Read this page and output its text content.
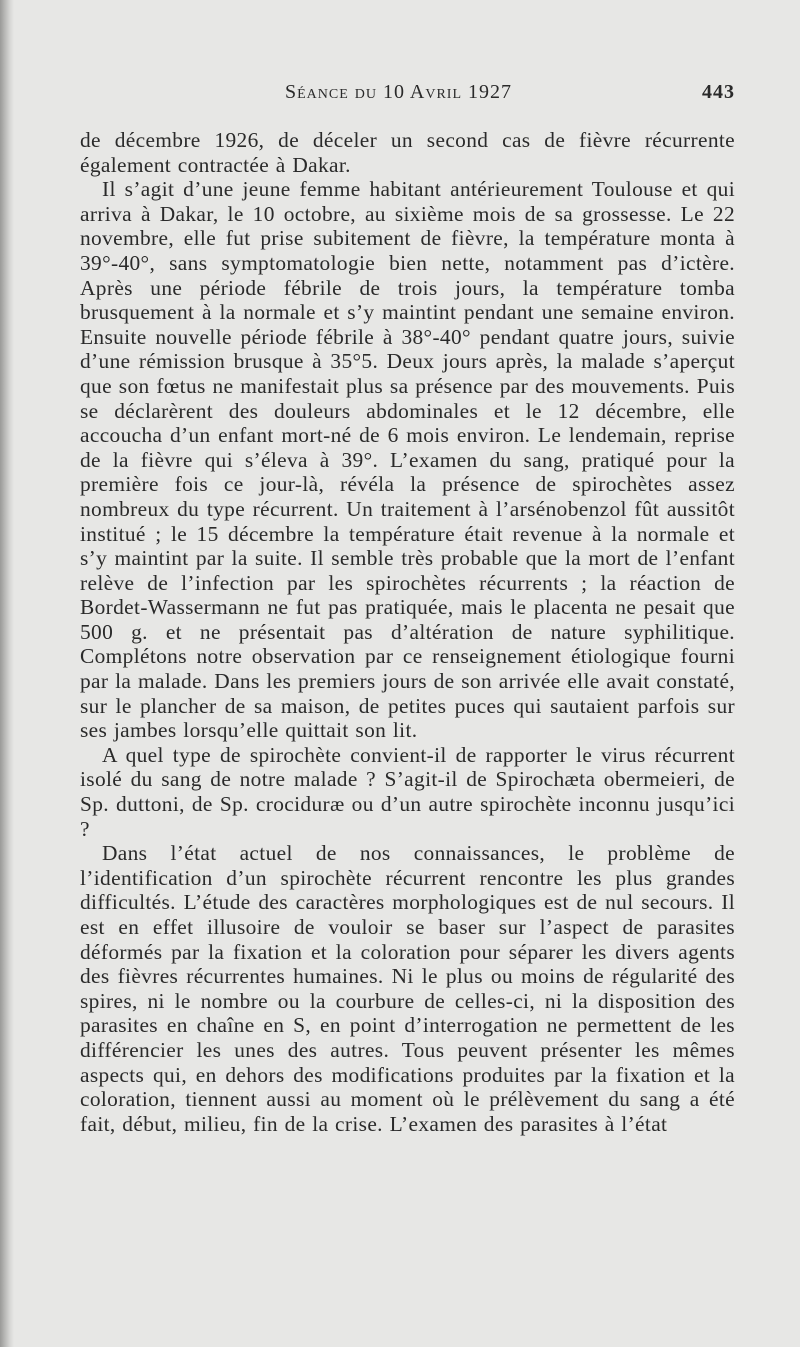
Séance du 10 Avril 1927	443

de décembre 1926, de déceler un second cas de fièvre récurrente également contractée à Dakar.

Il s’agit d’une jeune femme habitant antérieurement Toulouse et qui arriva à Dakar, le 10 octobre, au sixième mois de sa grossesse. Le 22 novembre, elle fut prise subitement de fièvre, la température monta à 39°-40°, sans symptomatologie bien nette, notamment pas d’ictère. Après une période fébrile de trois jours, la température tomba brusquement à la normale et s’y maintint pendant une semaine environ. Ensuite nouvelle période fébrile à 38°-40° pendant quatre jours, suivie d’une rémission brusque à 35°5. Deux jours après, la malade s’aperçut que son fœtus ne manifestait plus sa présence par des mouvements. Puis se déclarèrent des douleurs abdominales et le 12 décembre, elle accoucha d’un enfant mort-né de 6 mois environ. Le lendemain, reprise de la fièvre qui s’éleva à 39°. L’examen du sang, pratiqué pour la première fois ce jour-là, révéla la présence de spirochètes assez nombreux du type récurrent. Un traitement à l’arsénobenzol fût aussitôt institué ; le 15 décembre la température était revenue à la normale et s’y maintint par la suite. Il semble très probable que la mort de l’enfant relève de l’infection par les spirochètes récurrents ; la réaction de Bordet-Wassermann ne fut pas pratiquée, mais le placenta ne pesait que 500 g. et ne présentait pas d’altération de nature syphilitique. Complétons notre observation par ce renseignement étiologique fourni par la malade. Dans les premiers jours de son arrivée elle avait constaté, sur le plancher de sa maison, de petites puces qui sautaient parfois sur ses jambes lorsqu’elle quittait son lit.

A quel type de spirochète convient-il de rapporter le virus récurrent isolé du sang de notre malade ? S’agit-il de Spirochæta obermeieri, de Sp. duttoni, de Sp. crociduræ ou d’un autre spirochète inconnu jusqu’ici ?

Dans l’état actuel de nos connaissances, le problème de l’identification d’un spirochète récurrent rencontre les plus grandes difficultés. L’étude des caractères morphologiques est de nul secours. Il est en effet illusoire de vouloir se baser sur l’aspect de parasites déformés par la fixation et la coloration pour séparer les divers agents des fièvres récurrentes humaines. Ni le plus ou moins de régularité des spires, ni le nombre ou la courbure de celles-ci, ni la disposition des parasites en chaîne en S, en point d’interrogation ne permettent de les différencier les unes des autres. Tous peuvent présenter les mêmes aspects qui, en dehors des modifications produites par la fixation et la coloration, tiennent aussi au moment où le prélèvement du sang a été fait, début, milieu, fin de la crise. L’examen des parasites à l’état
